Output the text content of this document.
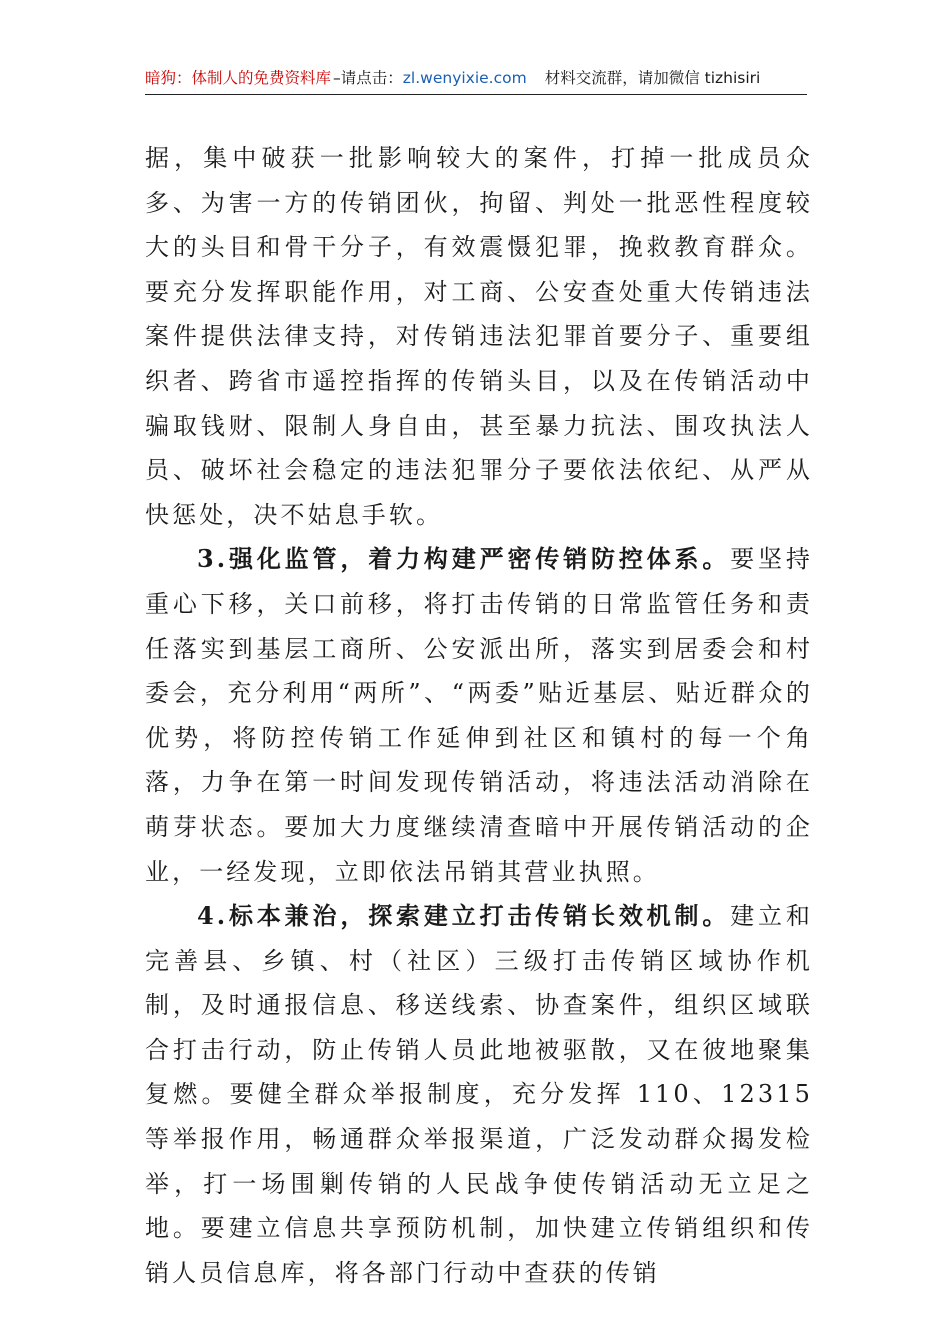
暗狗：体制人的免费资料库 –请点击：zl.wenyixie.com 材料交流群，请加微信 tizhisiri

据，集中破获一批影响较大的案件，打掉一批成员众多、为害一方的传销团伙，拘留、判处一批恶性程度较大的头目和骨干分子，有效震慑犯罪，挽救教育群众。要充分发挥职能作用，对工商、公安查处重大传销违法案件提供法律支持，对传销违法犯罪首要分子、重要组织者、跨省市遥控指挥的传销头目，以及在传销活动中骗取钱财、限制人身自由，甚至暴力抗法、围攻执法人员、破坏社会稳定的违法犯罪分子要依法依纪、从严从快惩处，决不姑息手软。

3.强化监管，着力构建严密传销防控体系。要坚持重心下移，关口前移，将打击传销的日常监管任务和责任落实到基层工商所、公安派出所，落实到居委会和村委会，充分利用“两所”、“两委”贴近基层、贴近群众的优势，将防控传销工作延伸到社区和镇村的每一个角落，力争在第一时间发现传销活动，将违法活动消除在萌芽状态。要加大力度继续清查暗中开展传销活动的企业，一经发现，立即依法吊销其营业执照。

4.标本兼治，探索建立打击传销长效机制。建立和完善县、乡镇、村（社区）三级打击传销区域协作机制，及时通报信息、移送线索、协查案件，组织区域联合打击行动，防止传销人员此地被驱散，又在彼地聚集复燃。要健全群众举报制度，充分发挥 110、12315 等举报作用，畅通群众举报渠道，广泛发动群众揭发检举，打一场围剿传销的人民战争使传销活动无立足之地。要建立信息共享预防机制，加快建立传销组织和传销人员信息库，将各部门行动中查获的传销
